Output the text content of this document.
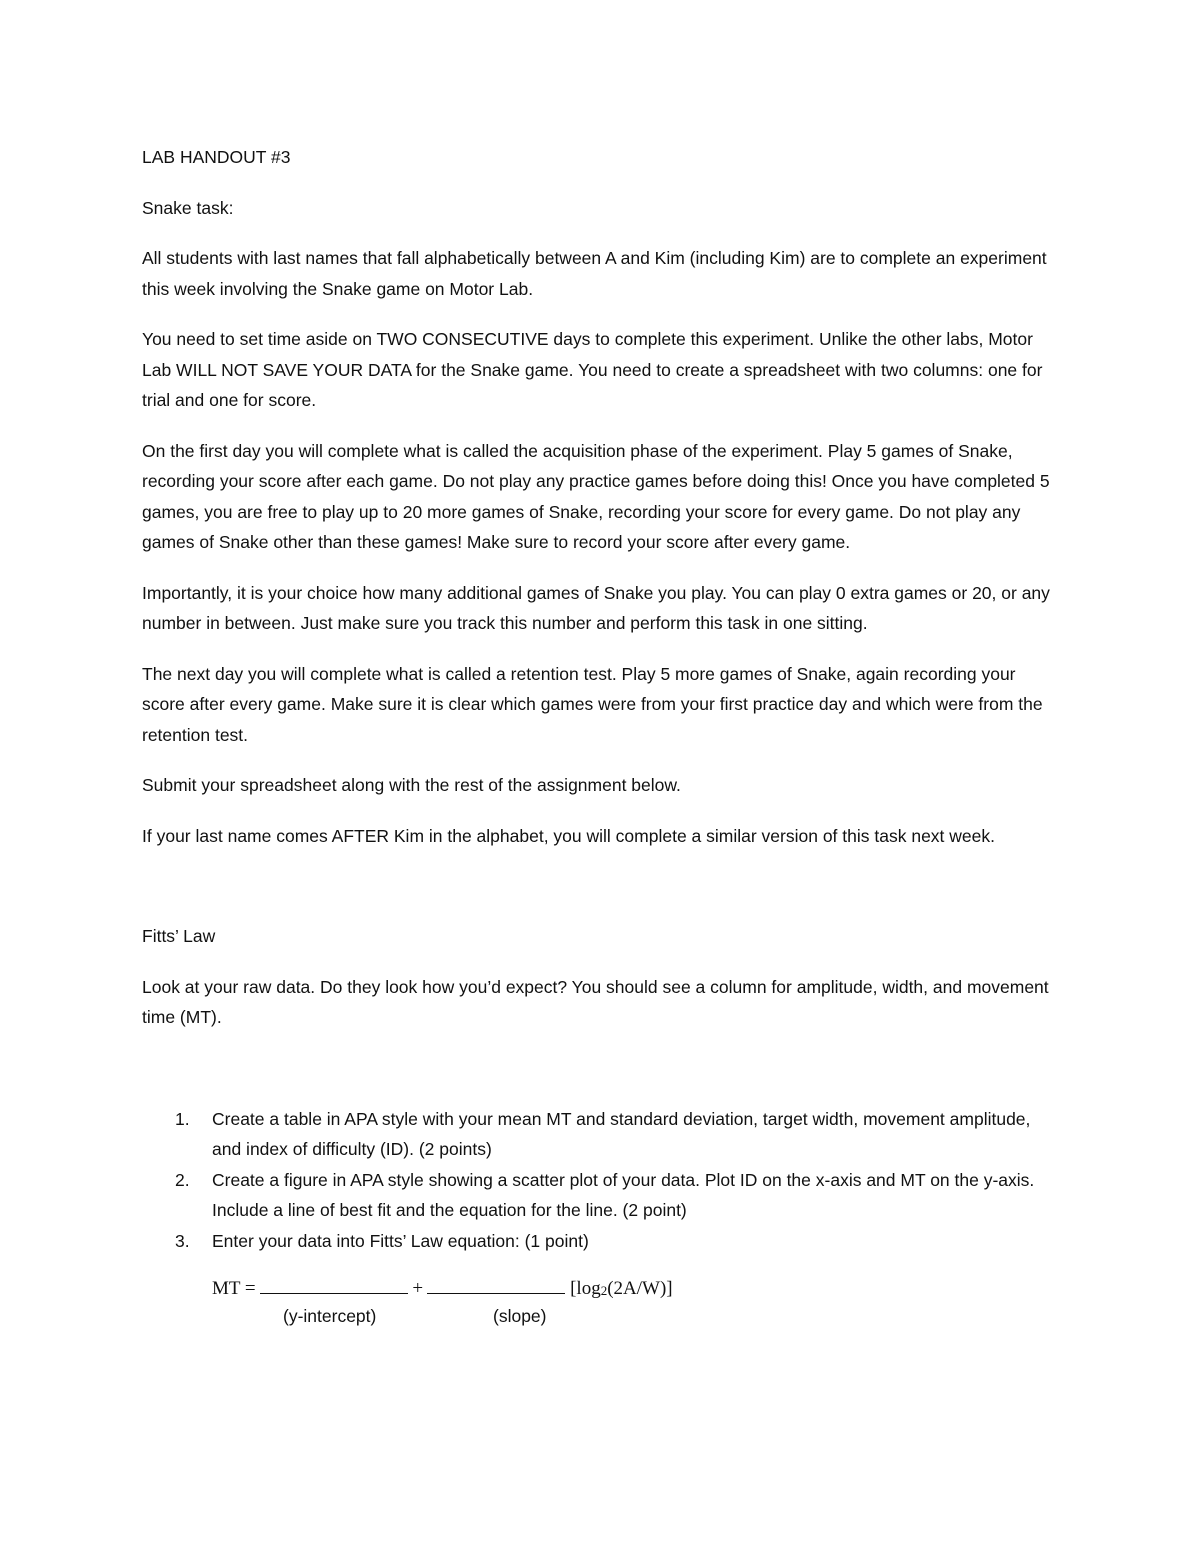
LAB HANDOUT #3

Snake task:

All students with last names that fall alphabetically between A and Kim (including Kim) are to complete an experiment this week involving the Snake game on Motor Lab.

You need to set time aside on TWO CONSECUTIVE days to complete this experiment. Unlike the other labs, Motor Lab WILL NOT SAVE YOUR DATA for the Snake game. You need to create a spreadsheet with two columns: one for trial and one for score.

On the first day you will complete what is called the acquisition phase of the experiment. Play 5 games of Snake, recording your score after each game. Do not play any practice games before doing this! Once you have completed 5 games, you are free to play up to 20 more games of Snake, recording your score for every game. Do not play any games of Snake other than these games! Make sure to record your score after every game.

Importantly, it is your choice how many additional games of Snake you play. You can play 0 extra games or 20, or any number in between. Just make sure you track this number and perform this task in one sitting.

The next day you will complete what is called a retention test. Play 5 more games of Snake, again recording your score after every game. Make sure it is clear which games were from your first practice day and which were from the retention test.

Submit your spreadsheet along with the rest of the assignment below.

If your last name comes AFTER Kim in the alphabet, you will complete a similar version of this task next week.

Fitts’ Law

Look at your raw data. Do they look how you’d expect? You should see a column for amplitude, width, and movement time (MT).

1. Create a table in APA style with your mean MT and standard deviation, target width, movement amplitude, and index of difficulty (ID). (2 points)
2. Create a figure in APA style showing a scatter plot of your data. Plot ID on the x-axis and MT on the y-axis. Include a line of best fit and the equation for the line. (2 point)
3. Enter your data into Fitts’ Law equation: (1 point)
MT =	+	[log2(2A/W)]
(y-intercept)	(slope)
